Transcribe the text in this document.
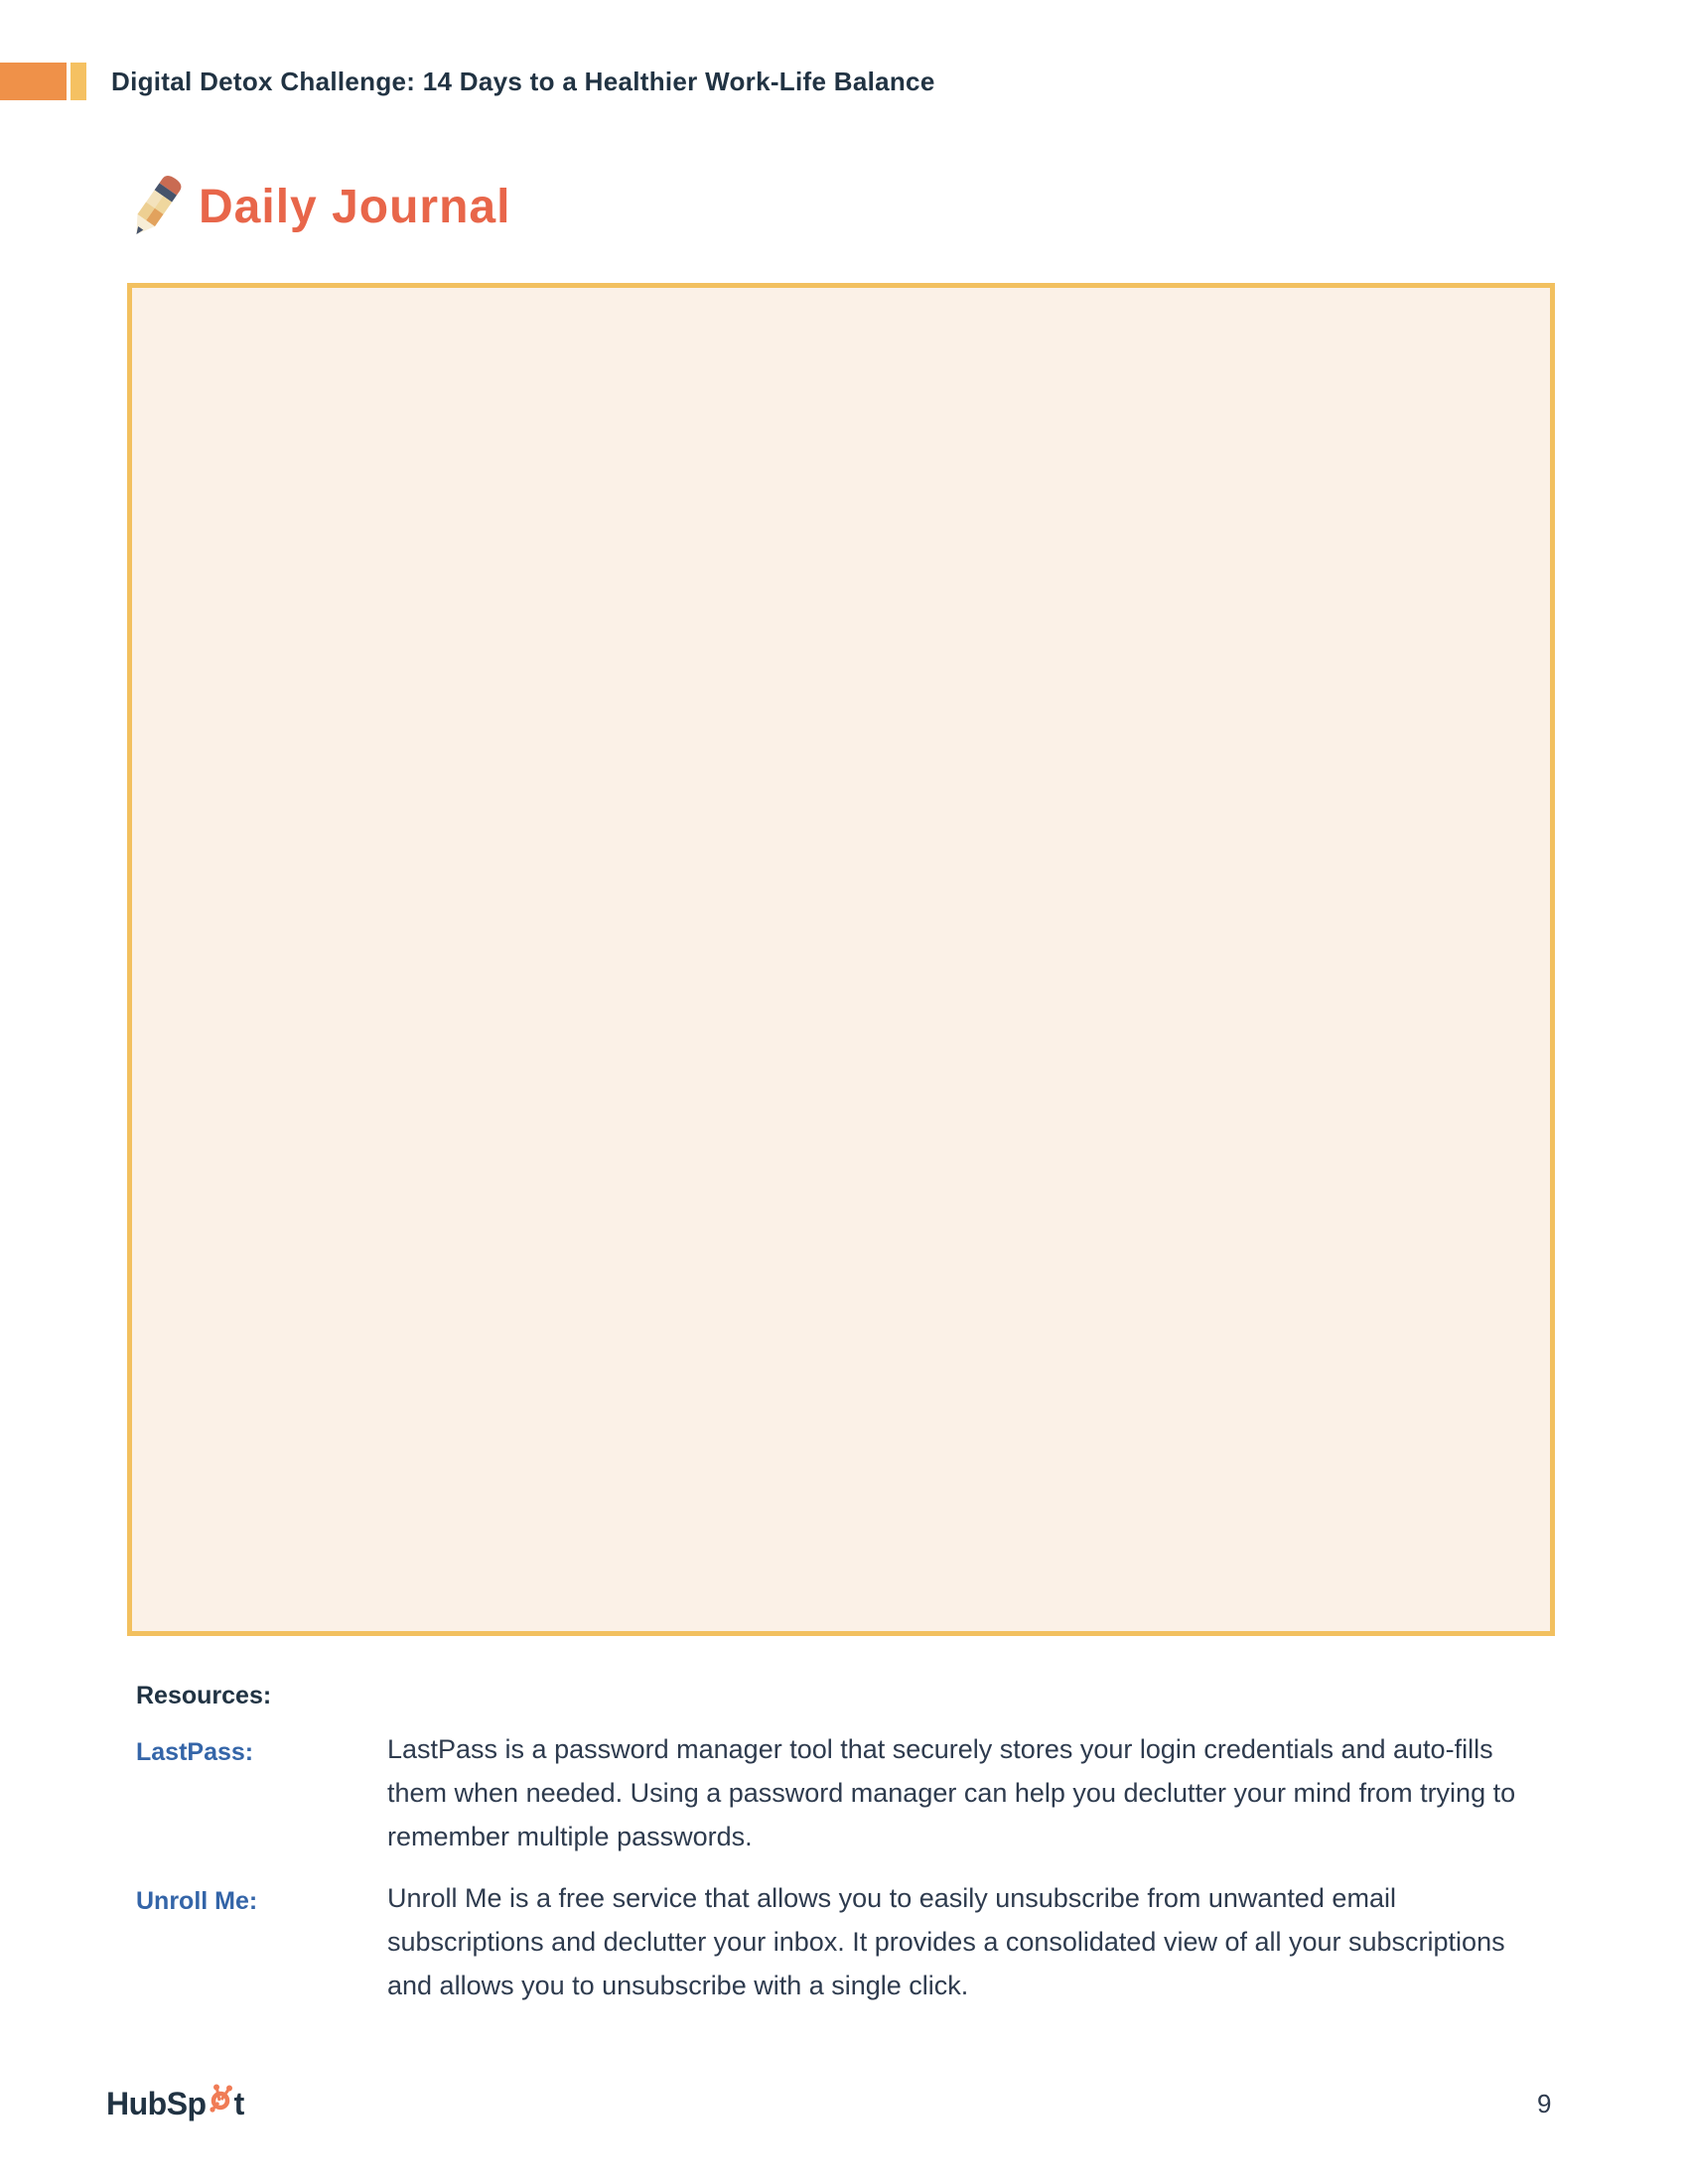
Digital Detox Challenge: 14 Days to a Healthier Work-Life Balance
Daily Journal
Resources:
LastPass:	LastPass is a password manager tool that securely stores your login credentials and auto-fills them when needed. Using a password manager can help you declutter your mind from trying to remember multiple passwords.
Unroll Me:	Unroll Me is a free service that allows you to easily unsubscribe from unwanted email subscriptions and declutter your inbox. It provides a consolidated view of all your subscriptions and allows you to unsubscribe with a single click.
HubSp t	9
